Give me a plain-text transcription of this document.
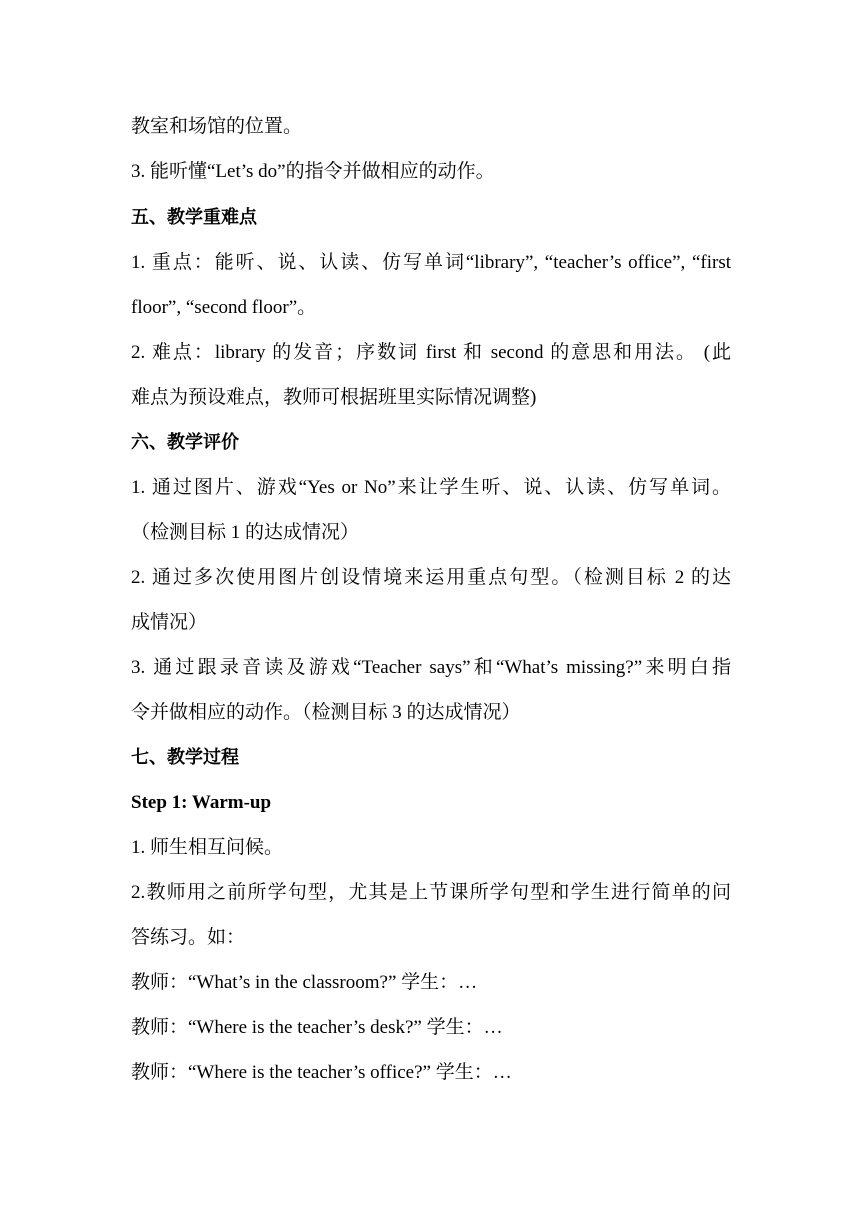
教室和场馆的位置。
3. 能听懂“Let’s do”的指令并做相应的动作。
五、教学重难点
1. 重点：能听、说、认读、仿写单词“library”, “teacher’s office”, “first
floor”, “second floor”。
2. 难点：library 的发音；序数词 first 和 second 的意思和用法。 (此
难点为预设难点，教师可根据班里实际情况调整)
六、教学评价
1. 通过图片、游戏“Yes or No”来让学生听、说、认读、仿写单词。
（检测目标 1 的达成情况）
2. 通过多次使用图片创设情境来运用重点句型。（检测目标 2 的达
成情况）
3. 通过跟录音读及游戏“Teacher says”和“What’s missing?”来明白指
令并做相应的动作。（检测目标 3 的达成情况）
七、教学过程
Step 1: Warm-up
1. 师生相互问候。
2.教师用之前所学句型，尤其是上节课所学句型和学生进行简单的问
答练习。如：
教师：“What’s in the classroom?” 学生：…
教师：“Where is the teacher’s desk?” 学生：…
教师：“Where is the teacher’s office?” 学生：…
